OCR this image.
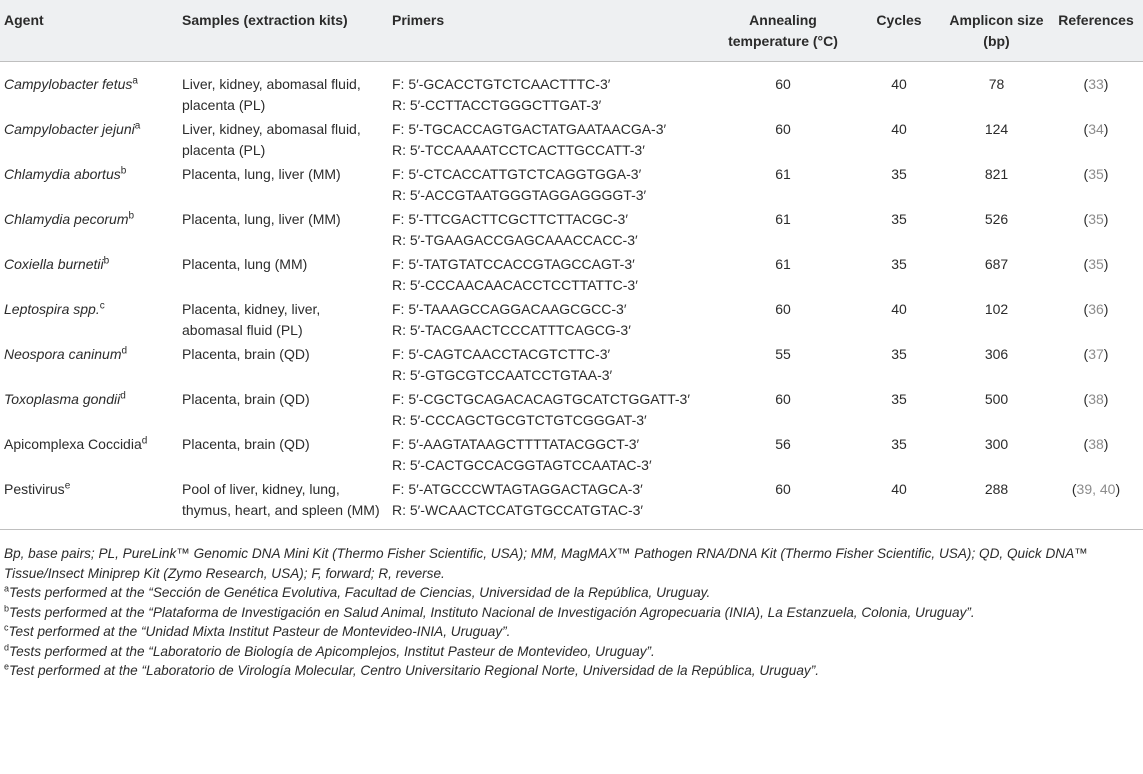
Agent	Samples (extraction kits)	Primers	Annealing temperature (°C)	Cycles	Amplicon size (bp)	References
Campylobacter fetus$^a$	Liver, kidney, abomasal fluid, placenta (PL)	F: 5′-GCACCTGTCTCAACTTTC-3′
R: 5′-CCTTACCTGGGCTTGAT-3′	60	40	78	(33)
Campylobacter jejuni$^a$	Liver, kidney, abomasal fluid, placenta (PL)	F: 5′-TGCACCAGTGACTATGAATAACGA-3′
R: 5′-TCCAAAATCCTCACTTGCCATT-3′	60	40	124	(34)
Chlamydia abortus$^b$	Placenta, lung, liver (MM)	F: 5′-CTCACCATTGTCTCAGGTGGA-3′
R: 5′-ACCGTAATGGGTAGGAGGGGT-3′	61	35	821	(35)
Chlamydia pecorum$^b$	Placenta, lung, liver (MM)	F: 5′-TTCGACTTCGCTTCTTACGC-3′
R: 5′-TGAAGACCGAGCAAACCACC-3′	61	35	526	(35)
Coxiella burnetii$^b$	Placenta, lung (MM)	F: 5′-TATGTATCCACCGTAGCCAGT-3′
R: 5′-CCCAACAACACCTCCTTATTC-3′	61	35	687	(35)
Leptospira spp.$^c$	Placenta, kidney, liver, abomasal fluid (PL)	F: 5′-TAAAGCCAGGACAAGCGCC-3′
R: 5′-TACGAACTCCCATTTCAGCG-3′	60	40	102	(36)
Neospora caninum$^d$	Placenta, brain (QD)	F: 5′-CAGTCAACCTACGTCTTC-3′
R: 5′-GTGCGTCCAATCCTGTAA-3′	55	35	306	(37)
Toxoplasma gondii$^d$	Placenta, brain (QD)	F: 5′-CGCTGCAGACACAGTGCATCTGGATT-3′
R: 5′-CCCAGCTGCGTCTGTCGGGAT-3′	60	35	500	(38)
Apicomplexa Coccidia$^d$	Placenta, brain (QD)	F: 5′-AAGTATAAGCTTTTATACGGCT-3′
R: 5′-CACTGCCACGGTAGTCCAATAC-3′	56	35	300	(38)
Pestivirus$^e$	Pool of liver, kidney, lung, thymus, heart, and spleen (MM)	F: 5′-ATGCCCWTAGTAGGACTAGCA-3′
R: 5′-WCAACTCCATGTGCCATGTAC-3′	60	40	288	(39, 40)

Bp, base pairs; PL, PureLink™ Genomic DNA Mini Kit (Thermo Fisher Scientific, USA); MM, MagMAX™ Pathogen RNA/DNA Kit (Thermo Fisher Scientific, USA); QD, Quick DNA™ Tissue/Insect Miniprep Kit (Zymo Research, USA); F, forward; R, reverse.

$^a$Tests performed at the “Sección de Genética Evolutiva, Facultad de Ciencias, Universidad de la República, Uruguay.

$^b$Tests performed at the “Plataforma de Investigación en Salud Animal, Instituto Nacional de Investigación Agropecuaria (INIA), La Estanzuela, Colonia, Uruguay”.

$^c$Test performed at the “Unidad Mixta Institut Pasteur de Montevideo-INIA, Uruguay”.

$^d$Tests performed at the “Laboratorio de Biología de Apicomplejos, Institut Pasteur de Montevideo, Uruguay”.

$^e$Test performed at the “Laboratorio de Virología Molecular, Centro Universitario Regional Norte, Universidad de la República, Uruguay”.
